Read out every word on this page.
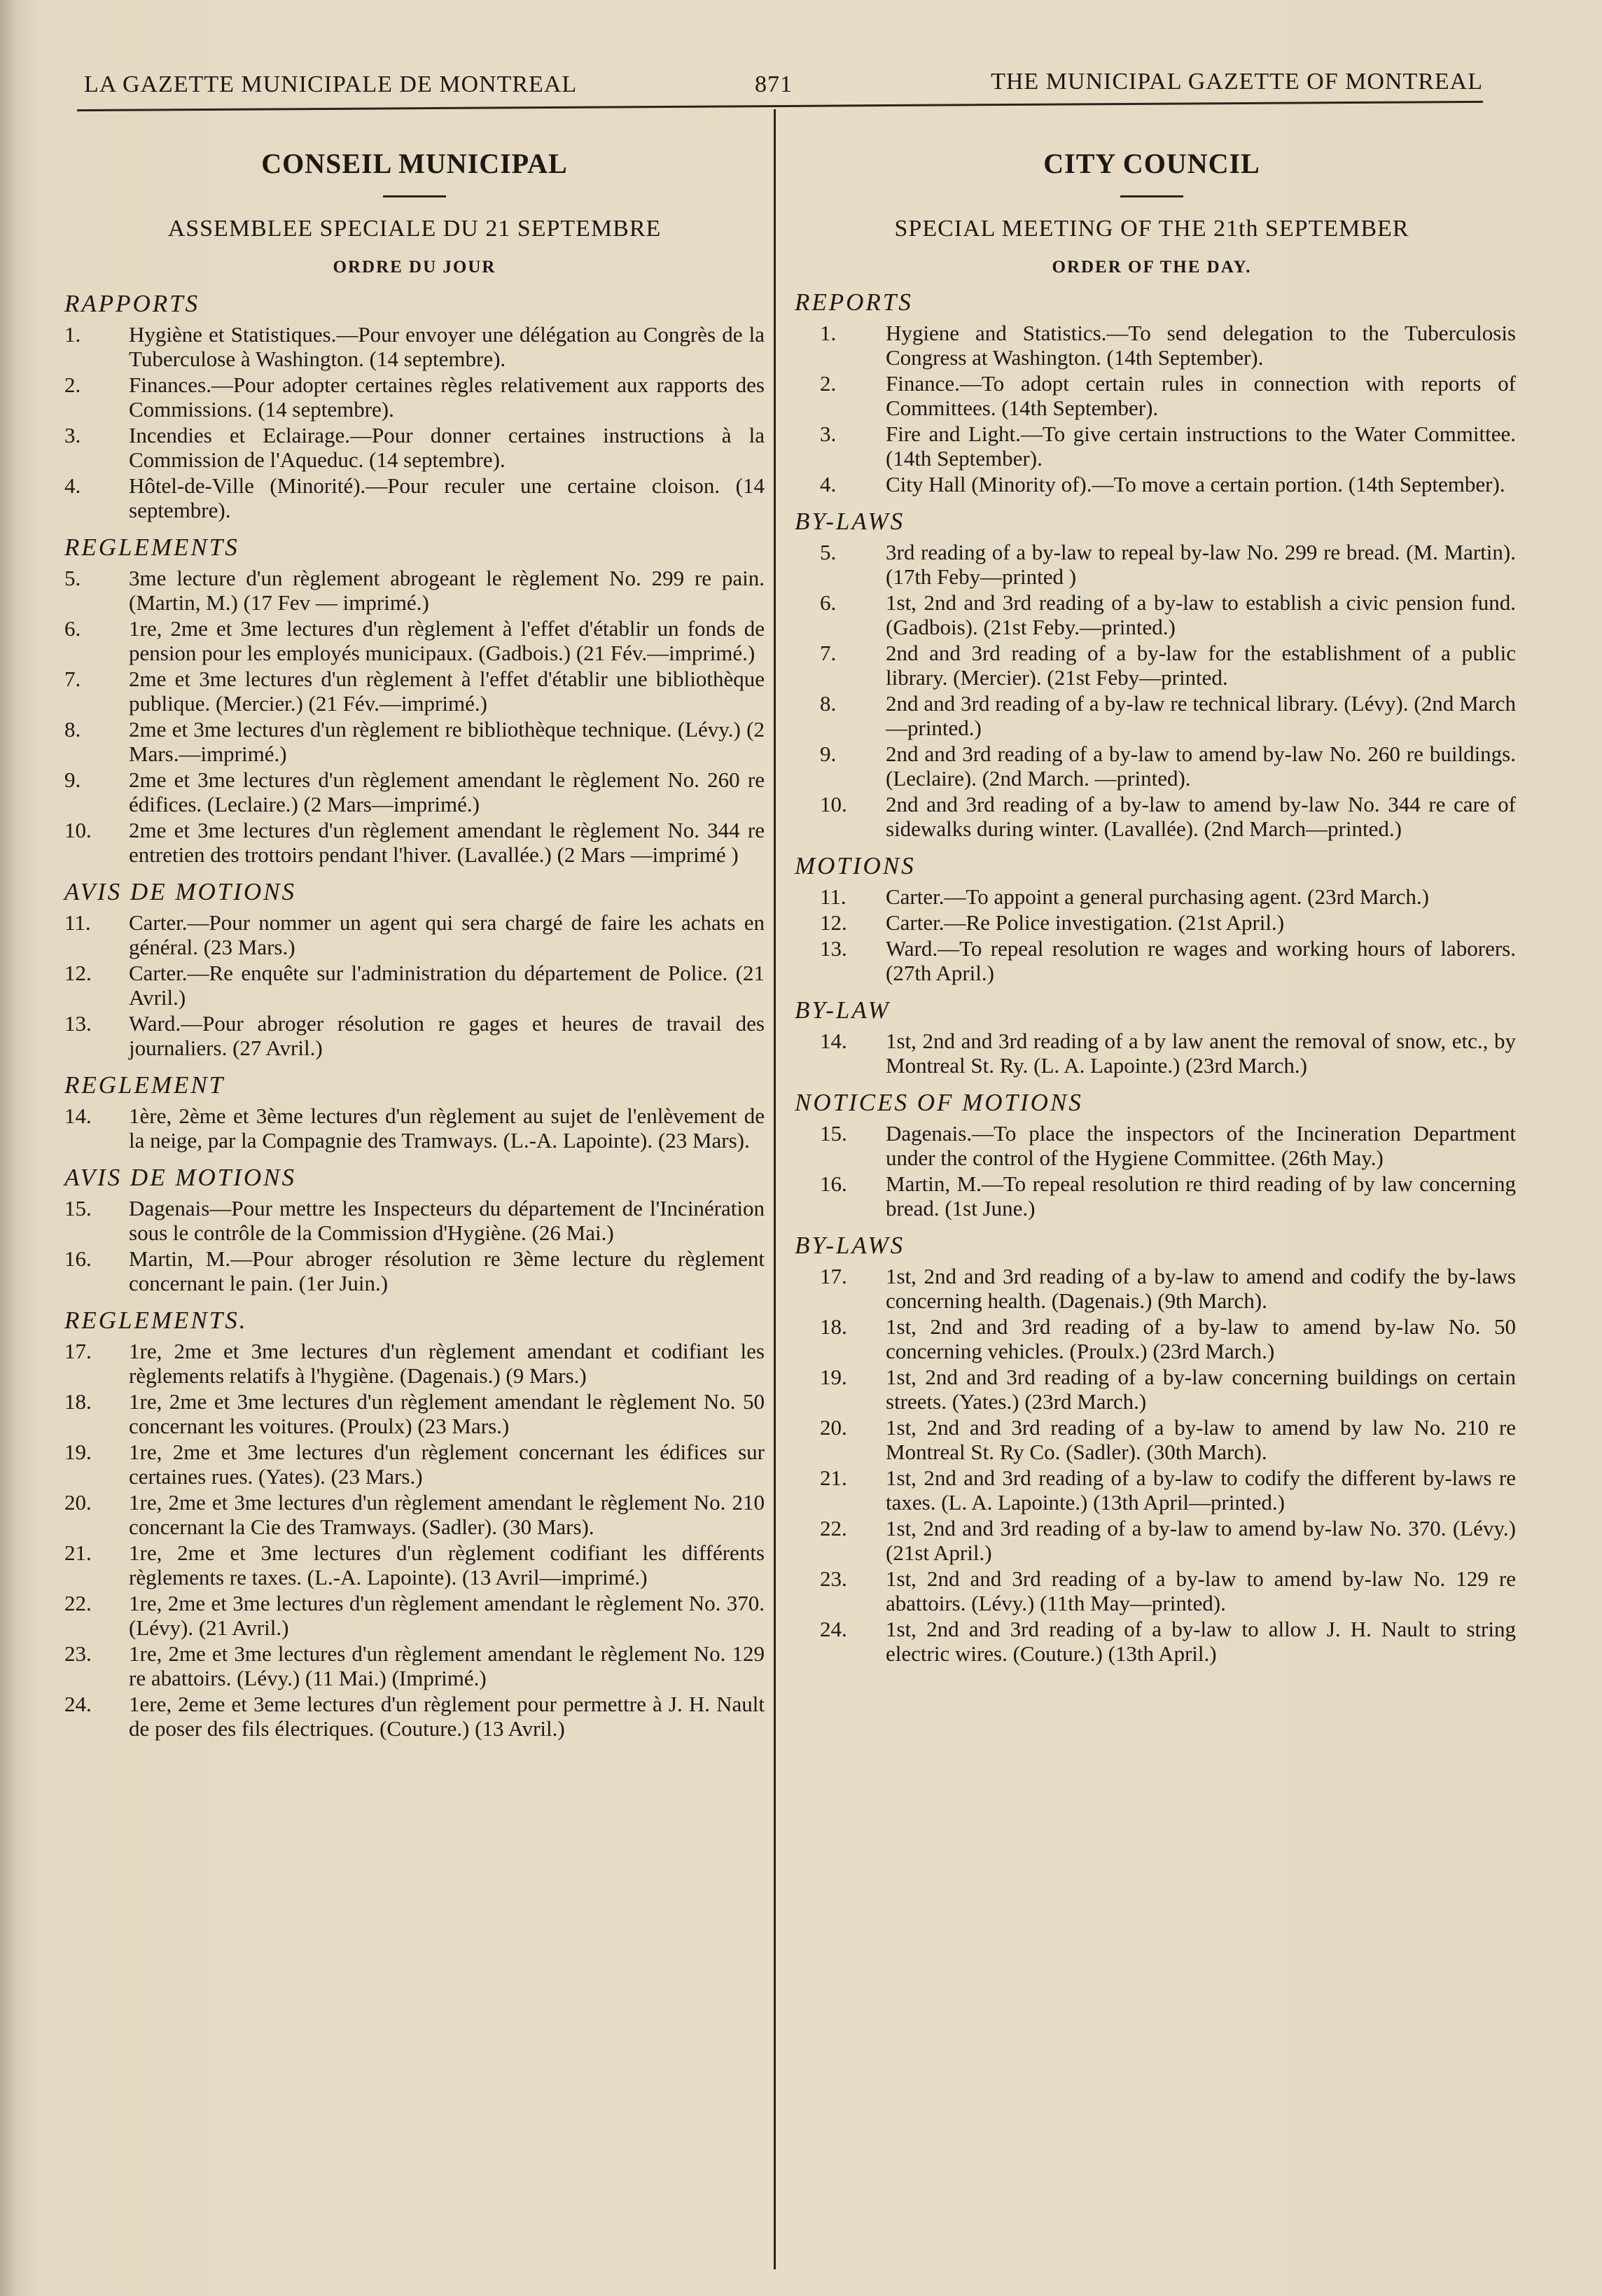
LA GAZETTE MUNICIPALE DE MONTREAL	871	THE MUNICIPAL GAZETTE OF MONTREAL
CONSEIL MUNICIPAL
ASSEMBLEE SPECIALE DU 21 SEPTEMBRE
ORDRE DU JOUR
RAPPORTS
1.	Hygiène et Statistiques.—Pour envoyer une délégation au Congrès de la Tuberculose à Washington. (14 septembre).
2.	Finances.—Pour adopter certaines règles relativement aux rapports des Commissions. (14 septembre).
3.	Incendies et Eclairage.—Pour donner certaines instructions à la Commission de l'Aqueduc. (14 septembre).
4.	Hôtel-de-Ville (Minorité).—Pour reculer une certaine cloison. (14 septembre).
REGLEMENTS
5.	3me lecture d'un règlement abrogeant le règlement No. 299 re pain. (Martin, M.) (17 Fev — imprimé.)
6.	1re, 2me et 3me lectures d'un règlement à l'effet d'établir un fonds de pension pour les employés municipaux. (Gadbois.) (21 Fév.—imprimé.)
7.	2me et 3me lectures d'un règlement à l'effet d'établir une bibliothèque publique. (Mercier.) (21 Fév.—imprimé.)
8.	2me et 3me lectures d'un règlement re bibliothèque technique. (Lévy.) (2 Mars.—imprimé.)
9.	2me et 3me lectures d'un règlement amendant le règlement No. 260 re édifices. (Leclaire.) (2 Mars—imprimé.)
10.	2me et 3me lectures d'un règlement amendant le règlement No. 344 re entretien des trottoirs pendant l'hiver. (Lavallée.) (2 Mars —imprimé )
AVIS DE MOTIONS
11.	Carter.—Pour nommer un agent qui sera chargé de faire les achats en général. (23 Mars.)
12.	Carter.—Re enquête sur l'administration du département de Police. (21 Avril.)
13.	Ward.—Pour abroger résolution re gages et heures de travail des journaliers. (27 Avril.)
REGLEMENT
14.	1ère, 2ème et 3ème lectures d'un règlement au sujet de l'enlèvement de la neige, par la Compagnie des Tramways. (L.-A. Lapointe). (23 Mars).
AVIS DE MOTIONS
15.	Dagenais—Pour mettre les Inspecteurs du département de l'Incinération sous le contrôle de la Commission d'Hygiène. (26 Mai.)
16.	Martin, M.—Pour abroger résolution re 3ème lecture du règlement concernant le pain. (1er Juin.)
REGLEMENTS.
17.	1re, 2me et 3me lectures d'un règlement amendant et codifiant les règlements relatifs à l'hygiène. (Dagenais.) (9 Mars.)
18.	1re, 2me et 3me lectures d'un règlement amendant le règlement No. 50 concernant les voitures. (Proulx) (23 Mars.)
19.	1re, 2me et 3me lectures d'un règlement concernant les édifices sur certaines rues. (Yates). (23 Mars.)
20.	1re, 2me et 3me lectures d'un règlement amendant le règlement No. 210 concernant la Cie des Tramways. (Sadler). (30 Mars).
21.	1re, 2me et 3me lectures d'un règlement codifiant les différents règlements re taxes. (L.-A. Lapointe). (13 Avril—imprimé.)
22.	1re, 2me et 3me lectures d'un règlement amendant le règlement No. 370. (Lévy). (21 Avril.)
23.	1re, 2me et 3me lectures d'un règlement amendant le règlement No. 129 re abattoirs. (Lévy.) (11 Mai.) (Imprimé.)
24.	1ere, 2eme et 3eme lectures d'un règlement pour permettre à J. H. Nault de poser des fils électriques. (Couture.) (13 Avril.)
CITY COUNCIL
SPECIAL MEETING OF THE 21th SEPTEMBER
ORDER OF THE DAY.
REPORTS
1.	Hygiene and Statistics.—To send delegation to the Tuberculosis Congress at Washington. (14th September).
2.	Finance.—To adopt certain rules in connection with reports of Committees. (14th September).
3.	Fire and Light.—To give certain instructions to the Water Committee. (14th September).
4.	City Hall (Minority of).—To move a certain portion. (14th September).
BY-LAWS
5.	3rd reading of a by-law to repeal by-law No. 299 re bread. (M. Martin). (17th Feby—printed )
6.	1st, 2nd and 3rd reading of a by-law to establish a civic pension fund. (Gadbois). (21st Feby.—printed.)
7.	2nd and 3rd reading of a by-law for the establishment of a public library. (Mercier). (21st Feby—printed.
8.	2nd and 3rd reading of a by-law re technical library. (Lévy). (2nd March—printed.)
9.	2nd and 3rd reading of a by-law to amend by-law No. 260 re buildings. (Leclaire). (2nd March. —printed).
10.	2nd and 3rd reading of a by-law to amend by-law No. 344 re care of sidewalks during winter. (Lavallée). (2nd March—printed.)
MOTIONS
11.	Carter.—To appoint a general purchasing agent. (23rd March.)
12.	Carter.—Re Police investigation. (21st April.)
13.	Ward.—To repeal resolution re wages and working hours of laborers. (27th April.)
BY-LAW
14.	1st, 2nd and 3rd reading of a by law anent the removal of snow, etc., by Montreal St. Ry. (L. A. Lapointe.) (23rd March.)
NOTICES OF MOTIONS
15.	Dagenais.—To place the inspectors of the Incineration Department under the control of the Hygiene Committee. (26th May.)
16.	Martin, M.—To repeal resolution re third reading of by law concerning bread. (1st June.)
BY-LAWS
17.	1st, 2nd and 3rd reading of a by-law to amend and codify the by-laws concerning health. (Dagenais.) (9th March).
18.	1st, 2nd and 3rd reading of a by-law to amend by-law No. 50 concerning vehicles. (Proulx.) (23rd March.)
19.	1st, 2nd and 3rd reading of a by-law concerning buildings on certain streets. (Yates.) (23rd March.)
20.	1st, 2nd and 3rd reading of a by-law to amend by law No. 210 re Montreal St. Ry Co. (Sadler). (30th March).
21.	1st, 2nd and 3rd reading of a by-law to codify the different by-laws re taxes. (L. A. Lapointe.) (13th April—printed.)
22.	1st, 2nd and 3rd reading of a by-law to amend by-law No. 370. (Lévy.) (21st April.)
23.	1st, 2nd and 3rd reading of a by-law to amend by-law No. 129 re abattoirs. (Lévy.) (11th May—printed).
24.	1st, 2nd and 3rd reading of a by-law to allow J. H. Nault to string electric wires. (Couture.) (13th April.)
